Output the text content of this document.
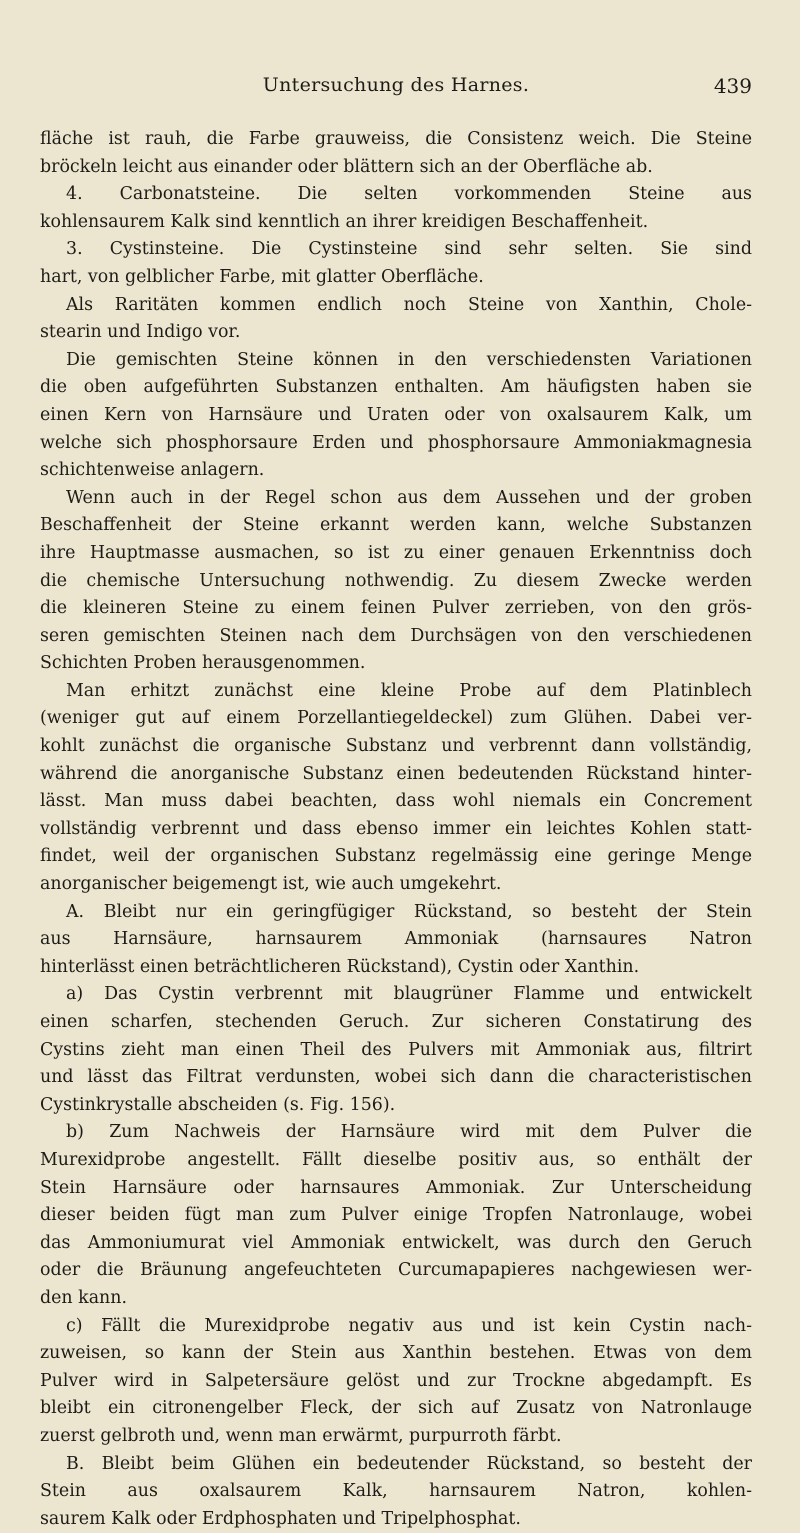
Untersuchung des Harnes.	439
fläche ist rauh, die Farbe grauweiss, die Consistenz weich. Die Steine
bröckeln leicht aus einander oder blättern sich an der Oberfläche ab.
4. Carbonatsteine. Die selten vorkommenden Steine aus
kohlensaurem Kalk sind kenntlich an ihrer kreidigen Beschaffenheit.
3. Cystinsteine. Die Cystinsteine sind sehr selten. Sie sind
hart, von gelblicher Farbe, mit glatter Oberfläche.
Als Raritäten kommen endlich noch Steine von Xanthin, Chole-
stearin und Indigo vor.
Die gemischten Steine können in den verschiedensten Variationen
die oben aufgeführten Substanzen enthalten. Am häufigsten haben sie
einen Kern von Harnsäure und Uraten oder von oxalsaurem Kalk, um
welche sich phosphorsaure Erden und phosphorsaure Ammoniakmagnesia
schichtenweise anlagern.
Wenn auch in der Regel schon aus dem Aussehen und der groben
Beschaffenheit der Steine erkannt werden kann, welche Substanzen
ihre Hauptmasse ausmachen, so ist zu einer genauen Erkenntniss doch
die chemische Untersuchung nothwendig. Zu diesem Zwecke werden
die kleineren Steine zu einem feinen Pulver zerrieben, von den grös-
seren gemischten Steinen nach dem Durchsägen von den verschiedenen
Schichten Proben herausgenommen.
Man erhitzt zunächst eine kleine Probe auf dem Platinblech
(weniger gut auf einem Porzellantiegeldeckel) zum Glühen. Dabei ver-
kohlt zunächst die organische Substanz und verbrennt dann vollständig,
während die anorganische Substanz einen bedeutenden Rückstand hinter-
lässt. Man muss dabei beachten, dass wohl niemals ein Concrement
vollständig verbrennt und dass ebenso immer ein leichtes Kohlen statt-
findet, weil der organischen Substanz regelmässig eine geringe Menge
anorganischer beigemengt ist, wie auch umgekehrt.
A. Bleibt nur ein geringfügiger Rückstand, so besteht der Stein
aus Harnsäure, harnsaurem Ammoniak (harnsaures Natron
hinterlässt einen beträchtlicheren Rückstand), Cystin oder Xanthin.
a) Das Cystin verbrennt mit blaugrüner Flamme und entwickelt
einen scharfen, stechenden Geruch. Zur sicheren Constatirung des
Cystins zieht man einen Theil des Pulvers mit Ammoniak aus, filtrirt
und lässt das Filtrat verdunsten, wobei sich dann die characteristischen
Cystinkrystalle abscheiden (s. Fig. 156).
b) Zum Nachweis der Harnsäure wird mit dem Pulver die
Murexidprobe angestellt. Fällt dieselbe positiv aus, so enthält der
Stein Harnsäure oder harnsaures Ammoniak. Zur Unterscheidung
dieser beiden fügt man zum Pulver einige Tropfen Natronlauge, wobei
das Ammoniumurat viel Ammoniak entwickelt, was durch den Geruch
oder die Bräunung angefeuchteten Curcumapapieres nachgewiesen wer-
den kann.
c) Fällt die Murexidprobe negativ aus und ist kein Cystin nach-
zuweisen, so kann der Stein aus Xanthin bestehen. Etwas von dem
Pulver wird in Salpetersäure gelöst und zur Trockne abgedampft. Es
bleibt ein citronengelber Fleck, der sich auf Zusatz von Natronlauge
zuerst gelbroth und, wenn man erwärmt, purpurroth färbt.
B. Bleibt beim Glühen ein bedeutender Rückstand, so besteht der
Stein aus oxalsaurem Kalk, harnsaurem Natron, kohlen-
saurem Kalk oder Erdphosphaten und Tripelphosphat.
